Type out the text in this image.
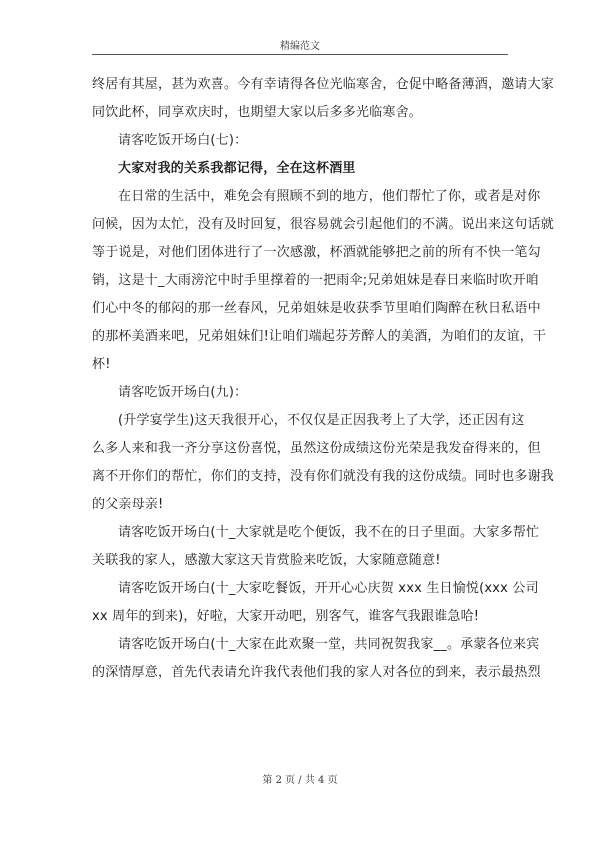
精编范文
终居有其屋，甚为欢喜。今有幸请得各位光临寒舍，仓促中略备薄酒，邀请大家
同饮此杯，同享欢庆时，也期望大家以后多多光临寒舍。
请客吃饭开场白(七)：
大家对我的关系我都记得，全在这杯酒里
在日常的生活中，难免会有照顾不到的地方，他们帮忙了你，或者是对你
问候，因为太忙，没有及时回复，很容易就会引起他们的不满。说出来这句话就
等于说是，对他们团体进行了一次感激，杯酒就能够把之前的所有不快一笔勾
销，这是十_大雨滂沱中时手里撑着的一把雨伞;兄弟姐妹是春日来临时吹开咱
们心中冬的郁闷的那一丝春风，兄弟姐妹是收获季节里咱们陶醉在秋日私语中
的那杯美酒来吧，兄弟姐妹们!让咱们端起芬芳醉人的美酒，为咱们的友谊，干
杯!
请客吃饭开场白(九)：
(升学宴学生)这天我很开心，不仅仅是正因我考上了大学，还正因有这
么多人来和我一齐分享这份喜悦，虽然这份成绩这份光荣是我发奋得来的，但
离不开你们的帮忙，你们的支持，没有你们就没有我的这份成绩。同时也多谢我
的父亲母亲!
请客吃饭开场白(十_大家就是吃个便饭，我不在的日子里面。大家多帮忙
关联我的家人，感激大家这天肯赏脸来吃饭，大家随意随意!
请客吃饭开场白(十_大家吃餐饭，开开心心庆贺 xxx 生日愉悦(xxx 公司
xx 周年的到来)，好啦，大家开动吧，别客气，谁客气我跟谁急哈!
请客吃饭开场白(十_大家在此欢聚一堂，共同祝贺我家__。承蒙各位来宾
的深情厚意，首先代表请允许我代表他们我的家人对各位的到来，表示最热烈
第 2 页 / 共 4 页
